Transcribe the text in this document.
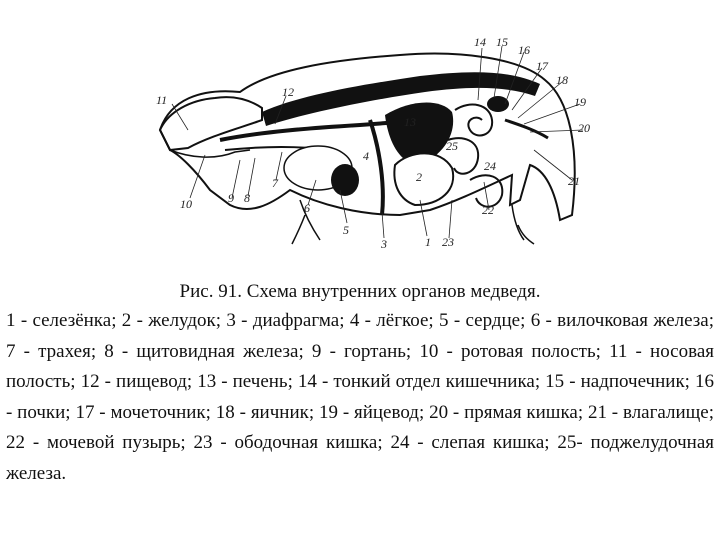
1
2
3
4
5
6
7
8
9
10
11
12
13
14 15
16
17
18
19
20
21
22
23
24
25
Рис. 91. Схема внутренних органов медведя.
1 - селезёнка; 2 - желудок; 3 - диафрагма; 4 - лёгкое; 5 - сердце; 6 - вилочковая железа; 7 - трахея; 8 - щитовидная железа; 9 - гортань; 10 - ротовая полость; 11 - носовая полость; 12 - пищевод; 13 - печень; 14 - тонкий отдел кишечника; 15 - надпочечник; 16 - почки; 17 - мочеточник; 18 - яичник; 19 - яйцевод; 20 - прямая кишка; 21 - влагалище; 22 - мочевой пузырь; 23 - ободочная кишка; 24 - слепая кишка; 25- поджелудочная железа.
